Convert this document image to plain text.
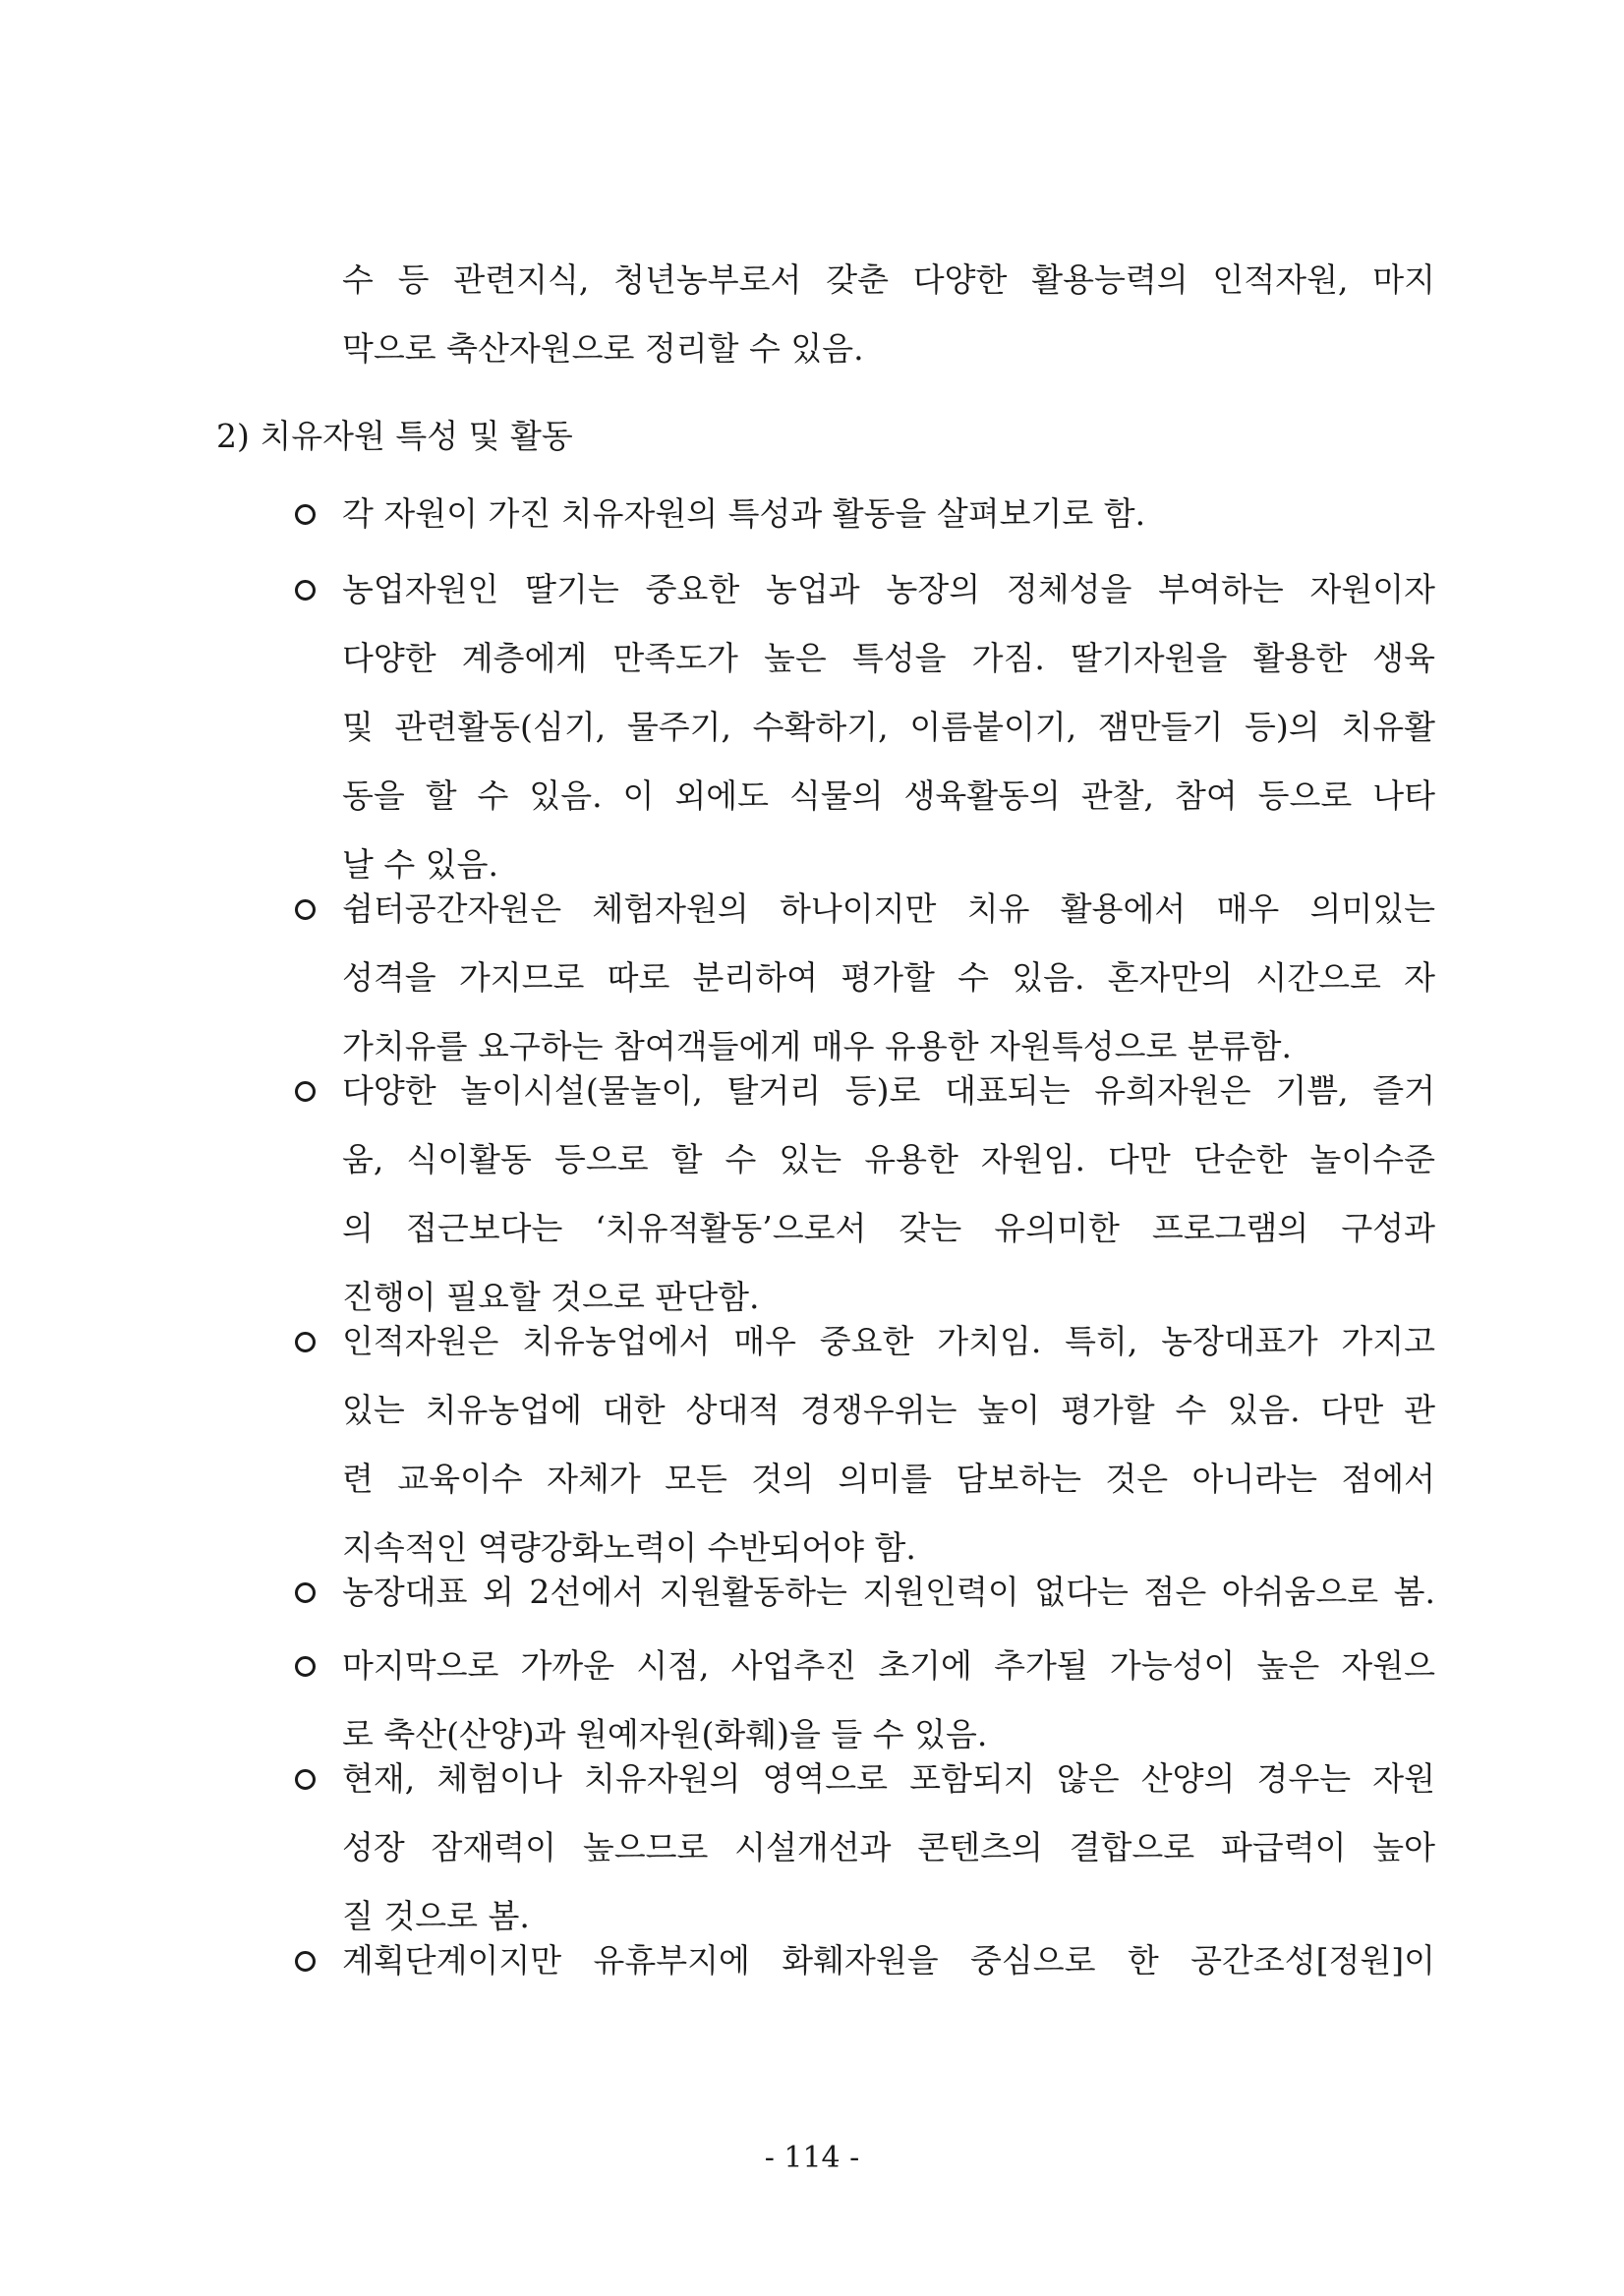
수 등 관련지식, 청년농부로서 갖춘 다양한 활용능력의 인적자원, 마지
막으로 축산자원으로 정리할 수 있음.
2) 치유자원 특성 및 활동
각 자원이 가진 치유자원의 특성과 활동을 살펴보기로 함.
농업자원인 딸기는 중요한 농업과 농장의 정체성을 부여하는 자원이자
다양한 계층에게 만족도가 높은 특성을 가짐. 딸기자원을 활용한 생육
및 관련활동(심기, 물주기, 수확하기, 이름붙이기, 잼만들기 등)의 치유활
동을 할 수 있음. 이 외에도 식물의 생육활동의 관찰, 참여 등으로 나타
날 수 있음.
쉼터공간자원은 체험자원의 하나이지만 치유 활용에서 매우 의미있는
성격을 가지므로 따로 분리하여 평가할 수 있음. 혼자만의 시간으로 자
가치유를 요구하는 참여객들에게 매우 유용한 자원특성으로 분류함.
다양한 놀이시설(물놀이, 탈거리 등)로 대표되는 유희자원은 기쁨, 즐거
움, 식이활동 등으로 할 수 있는 유용한 자원임. 다만 단순한 놀이수준
의 접근보다는 ‘치유적활동’으로서 갖는 유의미한 프로그램의 구성과
진행이 필요할 것으로 판단함.
인적자원은 치유농업에서 매우 중요한 가치임. 특히, 농장대표가 가지고
있는 치유농업에 대한 상대적 경쟁우위는 높이 평가할 수 있음. 다만 관
련 교육이수 자체가 모든 것의 의미를 담보하는 것은 아니라는 점에서
지속적인 역량강화노력이 수반되어야 함.
농장대표 외 2선에서 지원활동하는 지원인력이 없다는 점은 아쉬움으로 봄.
마지막으로 가까운 시점, 사업추진 초기에 추가될 가능성이 높은 자원으
로 축산(산양)과 원예자원(화훼)을 들 수 있음.
현재, 체험이나 치유자원의 영역으로 포함되지 않은 산양의 경우는 자원
성장 잠재력이 높으므로 시설개선과 콘텐츠의 결합으로 파급력이 높아
질 것으로 봄.
계획단계이지만 유휴부지에 화훼자원을 중심으로 한 공간조성[정원]이
- 114 -
